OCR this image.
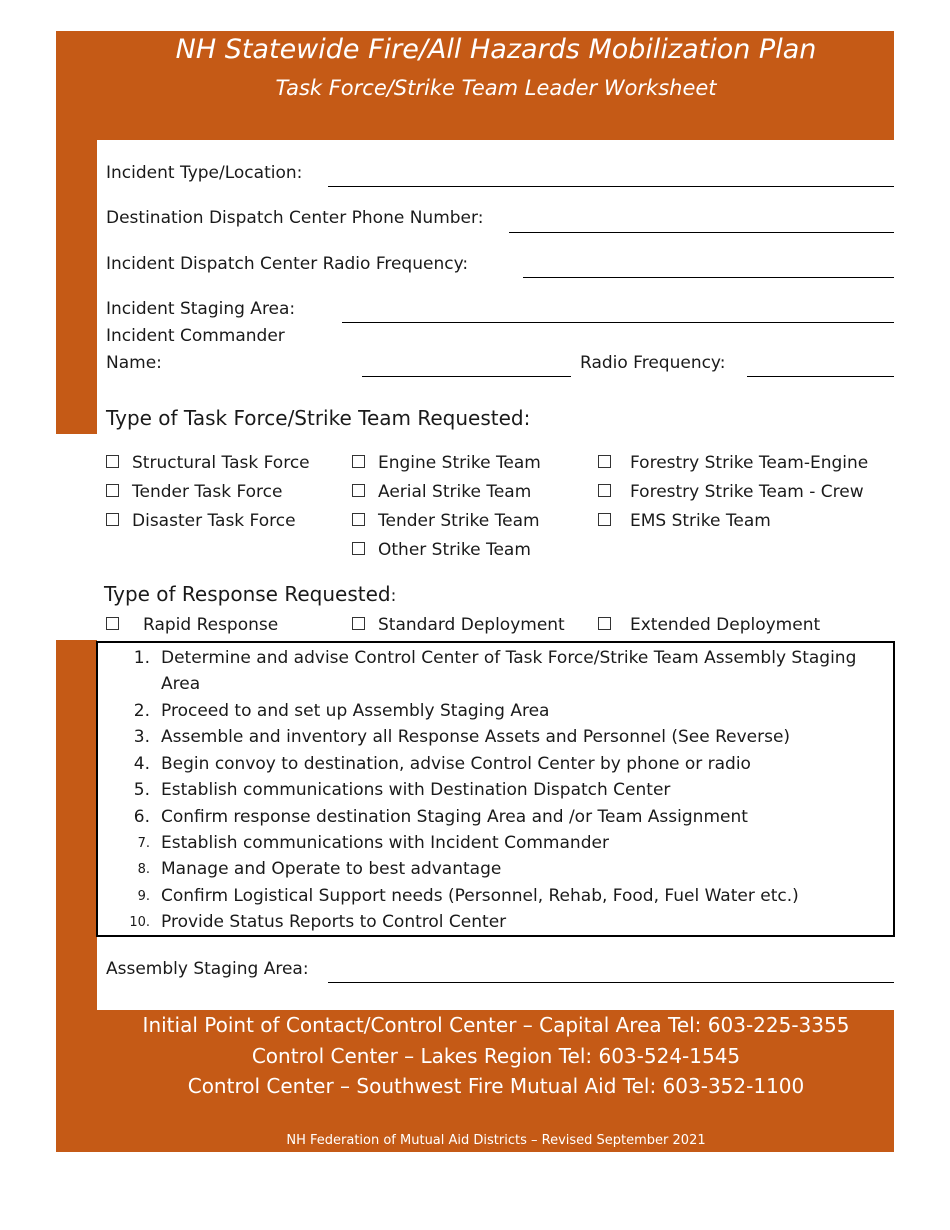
NH Statewide Fire/All Hazards Mobilization Plan
Task Force/Strike Team Leader Worksheet
Incident Type/Location:
Destination Dispatch Center Phone Number:
Incident Dispatch Center Radio Frequency:
Incident Staging Area:
Incident Commander
Name:	Radio Frequency:
Type of Task Force/Strike Team Requested:
Structural Task Force
Tender Task Force
Disaster Task Force
Engine Strike Team
Aerial Strike Team
Tender Strike Team
Other Strike Team
Forestry Strike Team-Engine
Forestry Strike Team - Crew
EMS Strike Team
Type of Response Requested:
Rapid Response	Standard Deployment	Extended Deployment
1. Determine and advise Control Center of Task Force/Strike Team Assembly Staging
Area
2. Proceed to and set up Assembly Staging Area
3. Assemble and inventory all Response Assets and Personnel (See Reverse)
4. Begin convoy to destination, advise Control Center by phone or radio
5. Establish communications with Destination Dispatch Center
6. Confirm response destination Staging Area and /or Team Assignment
7. Establish communications with Incident Commander
8. Manage and Operate to best advantage
9. Confirm Logistical Support needs (Personnel, Rehab, Food, Fuel Water etc.)
10. Provide Status Reports to Control Center
Assembly Staging Area:
Initial Point of Contact/Control Center – Capital Area Tel: 603-225-3355
Control Center – Lakes Region Tel: 603-524-1545
Control Center – Southwest Fire Mutual Aid Tel: 603-352-1100
NH Federation of Mutual Aid Districts – Revised September 2021
